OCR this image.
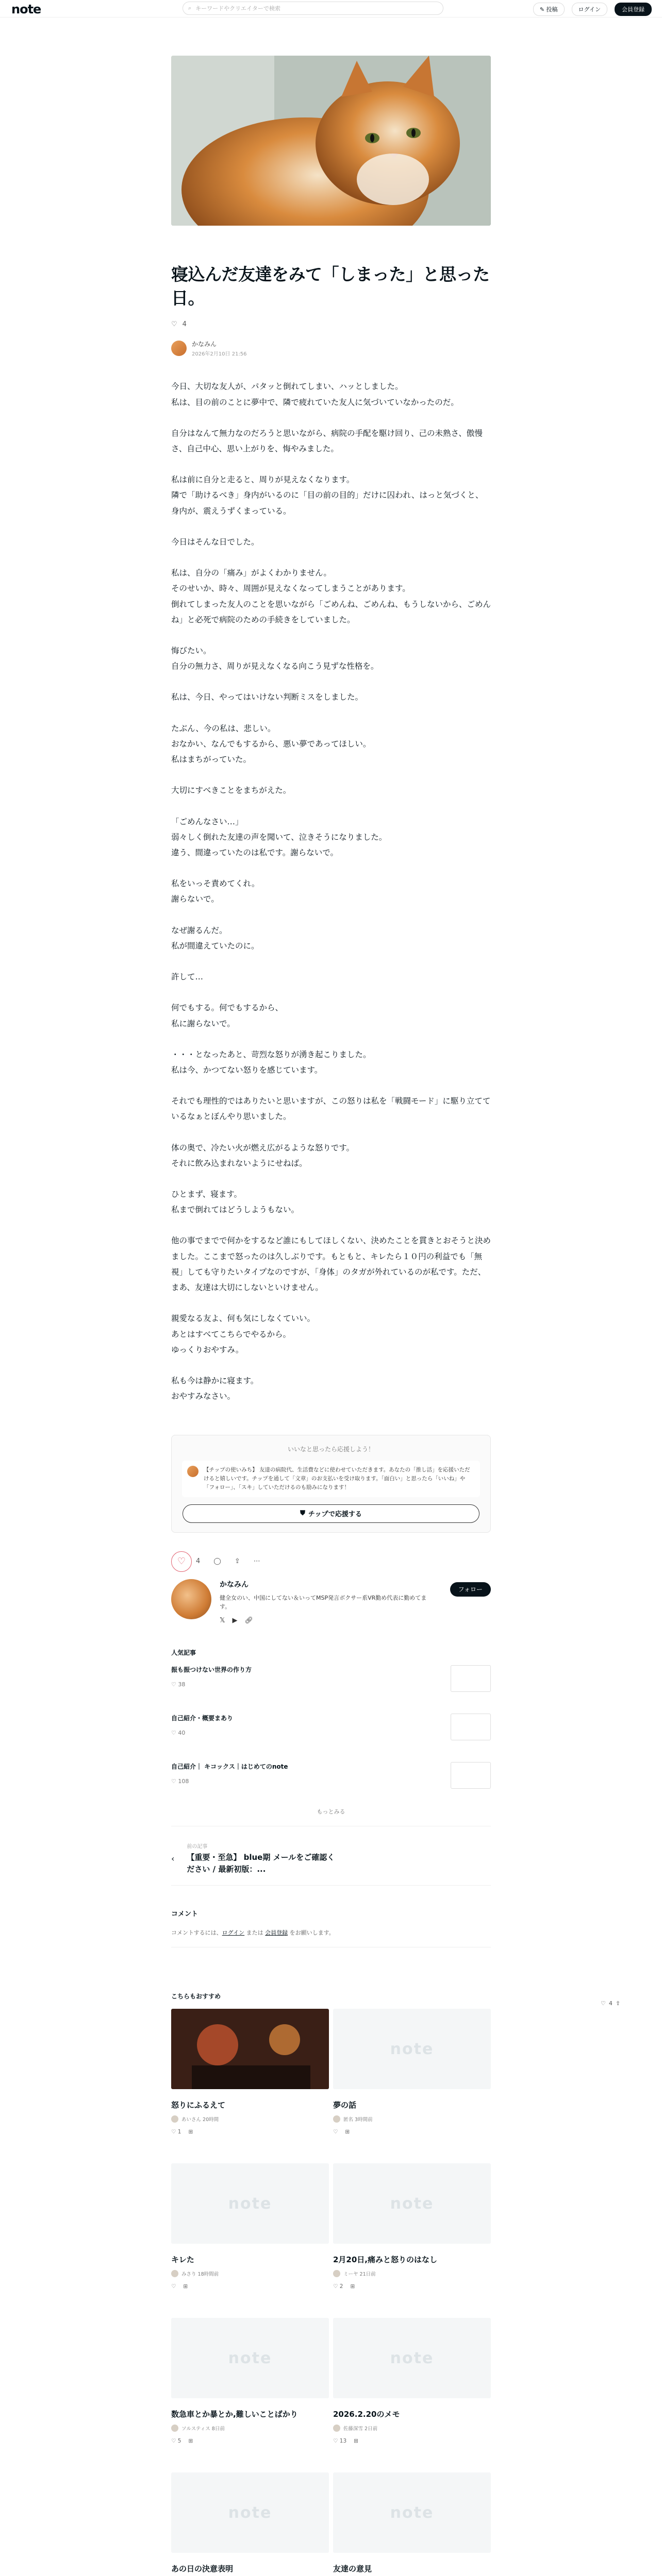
note	⌕ キーワードやクリエイターで検索	✎ 投稿	ログイン	会員登録
寝込んだ友達をみて「しまった」と思った日。
♡ 4
かなみん
2026年2月10日 21:56

今日、大切な友人が、パタッと倒れてしまい、ハッとしました。
私は、目の前のことに夢中で、隣で疲れていた友人に気づいていなかったのだ。

自分はなんて無力なのだろうと思いながら、病院の手配を駆け回り、己の未熟さ、傲慢さ、自己中心、思い上がりを、悔やみました。

私は前に自分と走ると、周りが見えなくなります。
隣で「助けるべき」身内がいるのに「目の前の目的」だけに囚われ、はっと気づくと、身内が、震えうずくまっている。

今日はそんな日でした。

私は、自分の「痛み」がよくわかりません。
そのせいか、時々、周囲が見えなくなってしまうことがあります。
倒れてしまった友人のことを思いながら「ごめんね、ごめんね、もうしないから、ごめんね」と必死で病院のための手続きをしていました。

悔びたい。
自分の無力さ、周りが見えなくなる向こう見ずな性格を。

私は、今日、やってはいけない判断ミスをしました。

たぶん、今の私は、悲しい。
おなかい、なんでもするから、悪い夢であってほしい。
私はまちがっていた。

大切にすべきことをまちがえた。

「ごめんなさい…」
弱々しく倒れた友達の声を聞いて、泣きそうになりました。
違う、間違っていたのは私です。謝らないで。

私をいっそ責めてくれ。
謝らないで。

なぜ謝るんだ。
私が間違えていたのに。

許して…

何でもする。何でもするから、
私に謝らないで。

・・・となったあと、苛烈な怒りが湧き起こりました。
私は今、かつてない怒りを感じています。

それでも理性的ではありたいと思いますが、この怒りは私を「戦闘モード」に駆り立てているなぁとぼんやり思いました。

体の奥で、冷たい火が燃え広がるような怒りです。
それに飲み込まれないようにせねば。

ひとまず、寝ます。
私まで倒れてはどうしようもない。

他の事でまでで何かをするなど誰にもしてほしくない、決めたことを貫きとおそうと決めました。ここまで怒ったのは久しぶりです。もともと、キレたら１０円の利益でも「無視」しても守りたいタイプなのですが、「身体」のタガが外れているのが私です。ただ、まあ、友達は大切にしないといけません。

親愛なる友よ、何も気にしなくていい。
あとはすべてこちらでやるから。
ゆっくりおやすみ。

私も今は静かに寝ます。
おやすみなさい。

いいなと思ったら応援しよう！
【チップの使いみち】 友達の病院代、生活費などに使わせていただきます。あなたの「推し活」を応援いただけると嬉しいです。チップを通して「文章」のお支払いを受け取ります。「面白い」と思ったら「いいね」や「フォロー」、「スキ」していただけるのも励みになります！
⛊ チップで応援する
♡ 4 ◯ ⇪ ⋯
かなみん
健全女のい、中国にしてない＆いってMSP発言ボクサー系VR勤め代表に勤めてます。
𝕏 ▶ 🔗︎
フォロー
人気記事
振も振つけない世界の作り方
♡ 38
自己紹介・概要まあり
♡ 40
自己紹介｜ キコックス｜はじめてのnote
♡ 108
もっとみる
‹
前の記事
【重要・至急】 blue期 メールをご確認ください / 最新初版：...
コメント
コメントするには、ログイン または 会員登録 をお願いします。
こちらもおすすめ
怒りにふるえて
あいさん 20時間
♡ 1 ⊞
note
夢の話
匿名 3時間前
♡ ⊞
note
キレた
みさり 18時間前
♡ ⊞
note
2月20日,痛みと怒りのはなし
ミーヤ 21日前
♡ 2 ⊞
note
数急車とか暴とか,難しいことばかり
ソルスティス 8日前
♡ 5 ⊞
note
2026.2.20のメモ
佐藤深雪 2日前
♡ 13 ⊞
note
あの日の決意表明
note
友達の意見
♡ 4 ⇪
